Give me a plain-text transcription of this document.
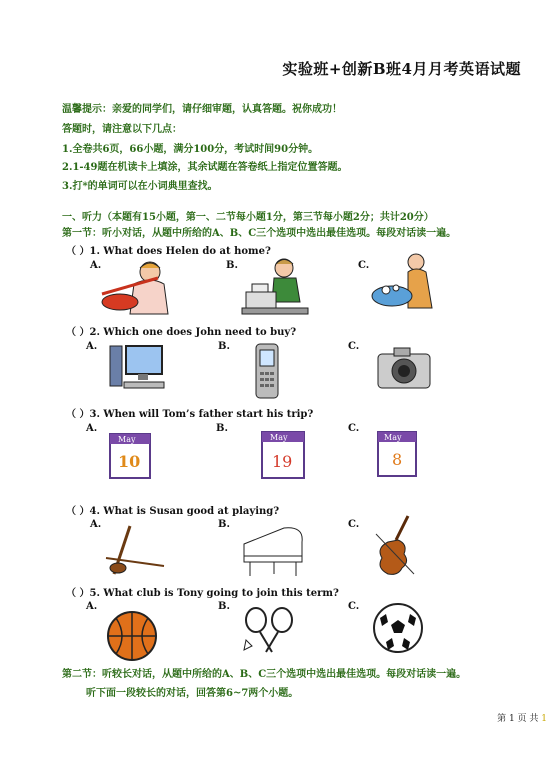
实验班+创新B班4月月考英语试题
温馨提示：亲爱的同学们，请仔细审题，认真答题。祝你成功！
答题时，请注意以下几点：
1.全卷共6页，66小题，满分100分，考试时间90分钟。
2.1-49题在机读卡上填涂，其余试题在答卷纸上指定位置答题。
3.打*的单词可以在小词典里查找。
一、听力（本题有15小题，第一、二节每小题1分，第三节每小题2分；共计20分）
第一节：听小对话，从题中所给的A、B、C三个选项中选出最佳选项。每段对话读一遍。
（ ）1. What does Helen do at home?
A.	B.	C.
（ ）2. Which one does John need to buy?
A.	B.	C.
（ ）3. When will Tom’s father start his trip?
A.	B.	C.
May
10
May
19
May
8
（ ）4. What is Susan good at playing?
A.	B.	C.
（ ）5. What club is Tony going to join this term?
A.	B.	C.
第二节：听较长对话，从题中所给的A、B、C三个选项中选出最佳选项。每段对话读一遍。
听下面一段较长的对话，回答第6~7两个小题。
第 1 页 共 1
